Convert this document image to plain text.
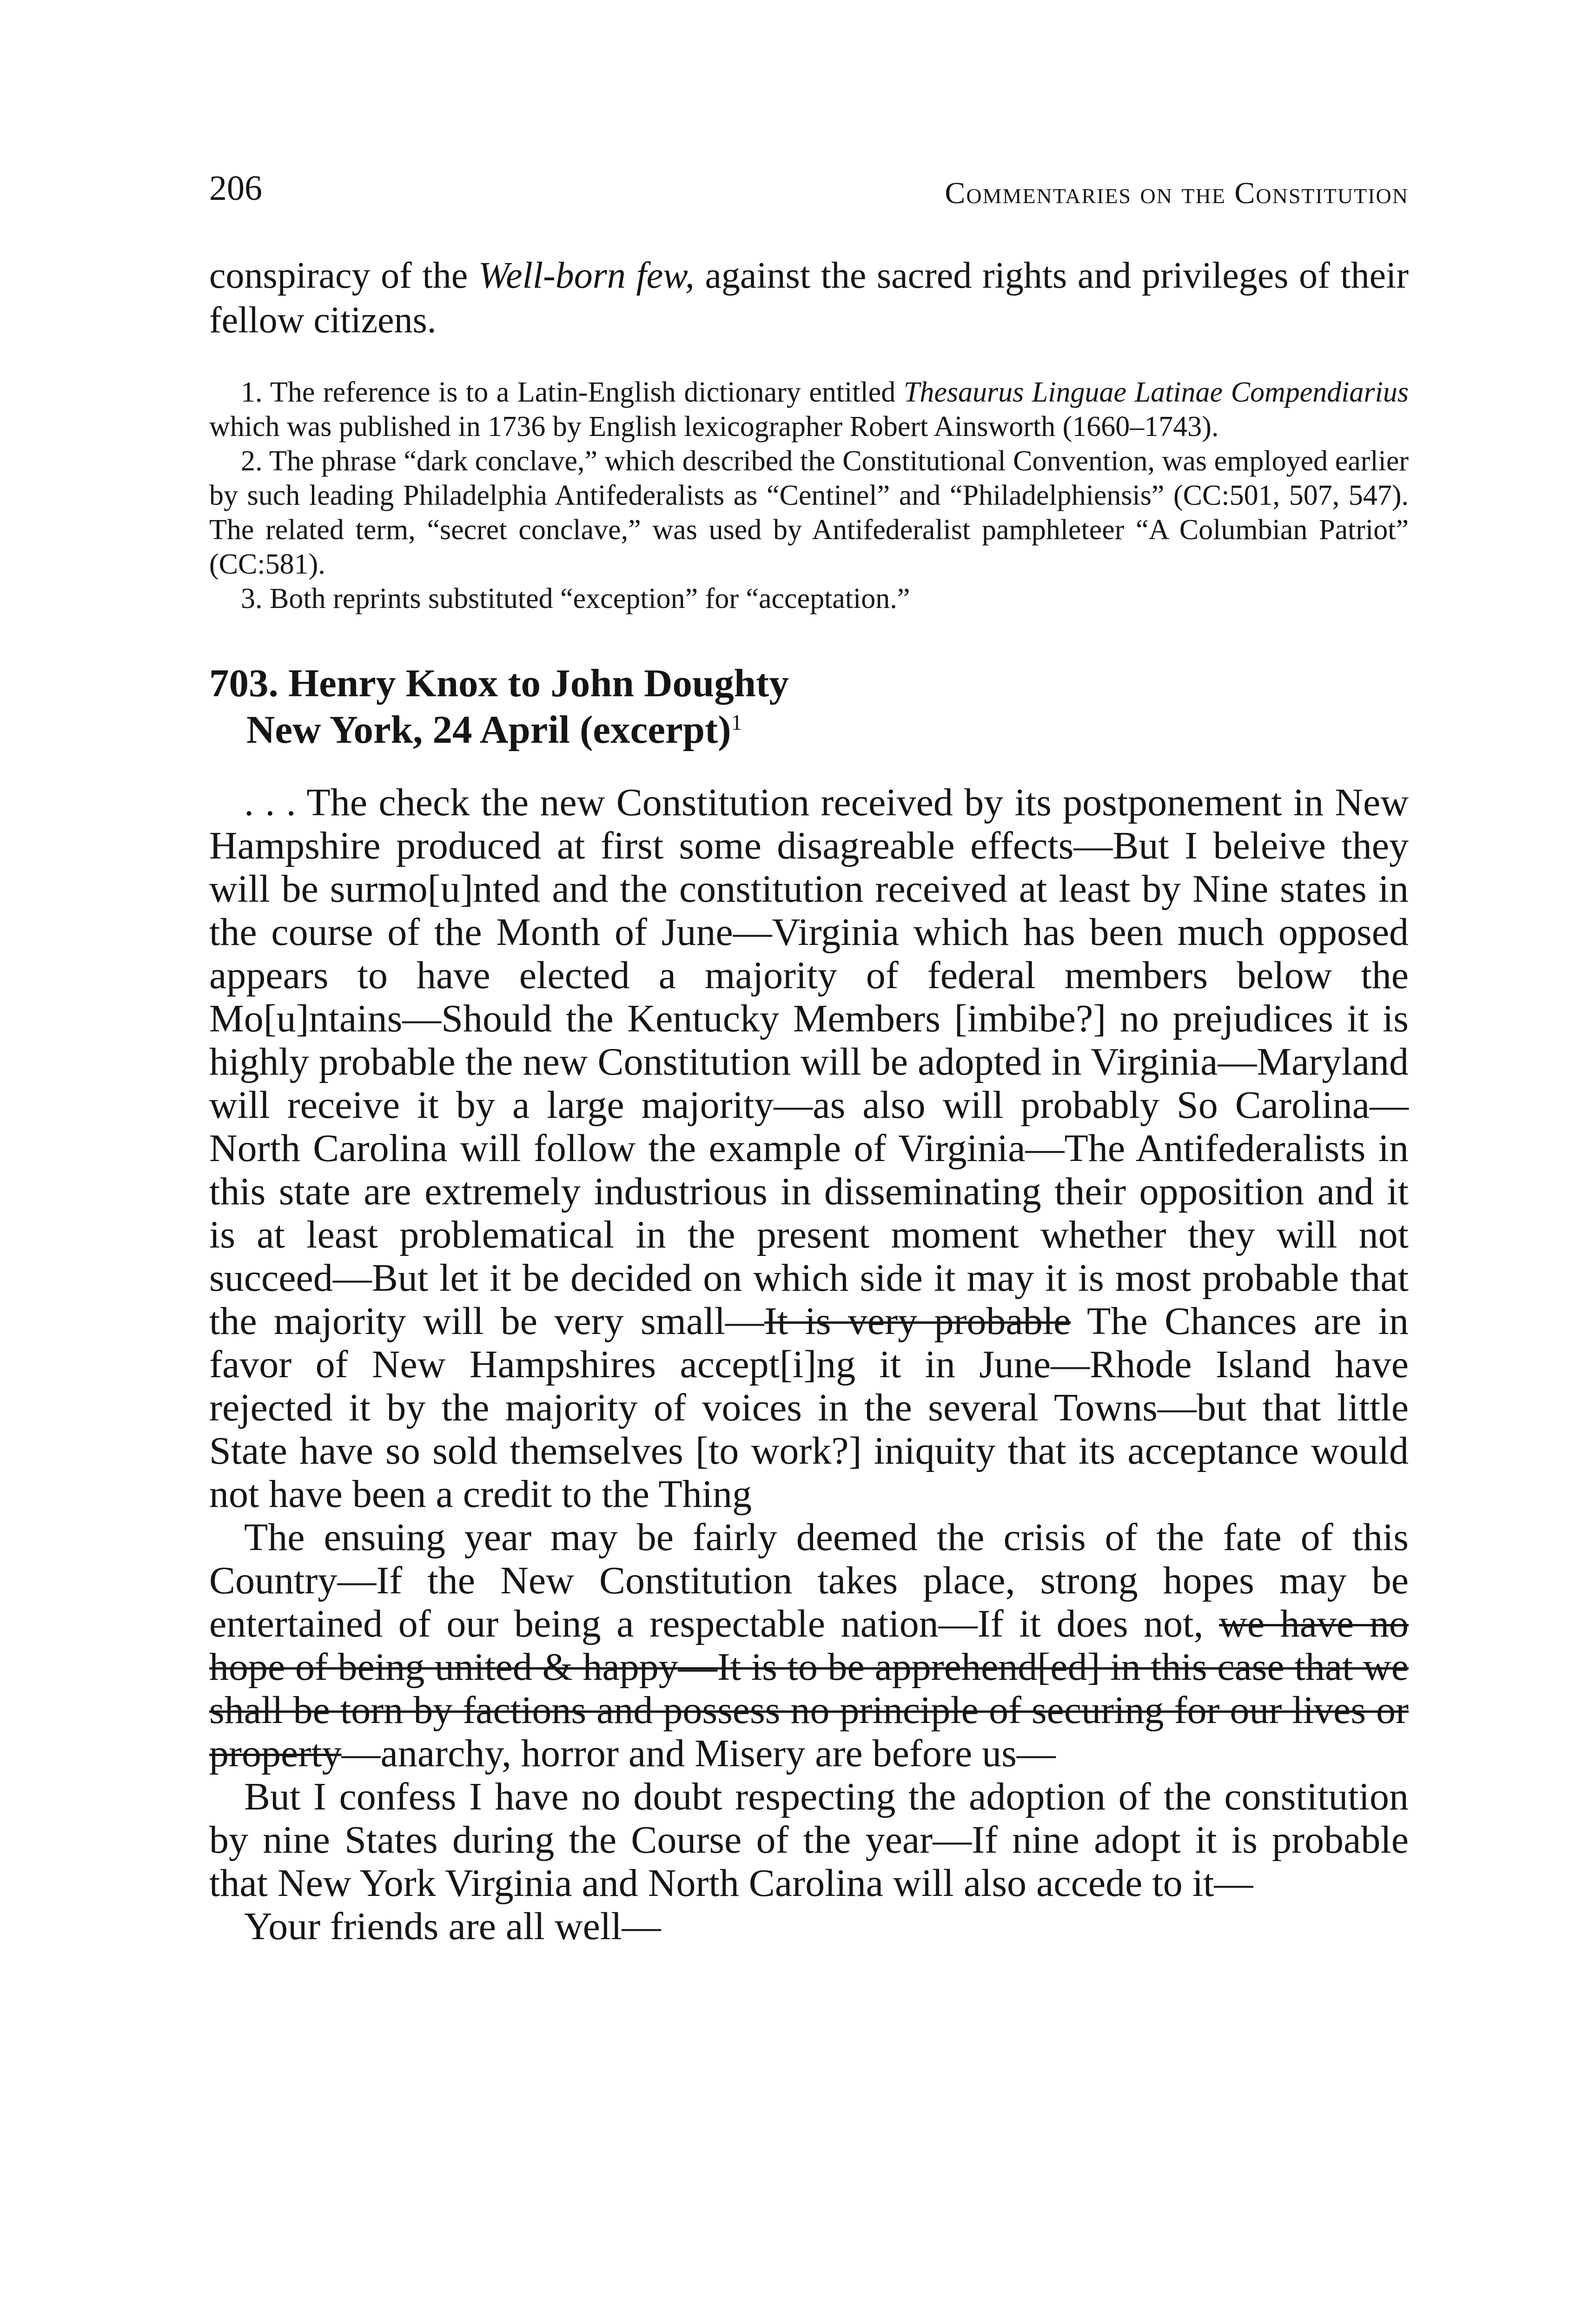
206	Commentaries on the Constitution

conspiracy of the Well-born few, against the sacred rights and privileges of their fellow citizens.

1. The reference is to a Latin-English dictionary entitled Thesaurus Linguae Latinae Compendiarius which was published in 1736 by English lexicographer Robert Ainsworth (1660–1743).

2. The phrase “dark conclave,” which described the Constitutional Convention, was employed earlier by such leading Philadelphia Antifederalists as “Centinel” and “Philadelphiensis” (CC:501, 507, 547). The related term, “secret conclave,” was used by Antifederalist pamphleteer “A Columbian Patriot” (CC:581).

3. Both reprints substituted “exception” for “acceptation.”

703. Henry Knox to John Doughty

New York, 24 April (excerpt)$^1$

. . . The check the new Constitution received by its postponement in New Hampshire produced at first some disagreable effects—But I beleive they will be surmo[u]nted and the constitution received at least by Nine states in the course of the Month of June—Virginia which has been much opposed appears to have elected a majority of federal members below the Mo[u]ntains—Should the Kentucky Members [imbibe?] no prejudices it is highly probable the new Constitution will be adopted in Virginia—Maryland will receive it by a large majority—as also will probably So Carolina—North Carolina will follow the example of Virginia—The Antifederalists in this state are extremely industrious in disseminating their opposition and it is at least problematical in the present moment whether they will not succeed—But let it be decided on which side it may it is most probable that the majority will be very small—It is very probable The Chances are in favor of New Hampshires accept[i]ng it in June—Rhode Island have rejected it by the majority of voices in the several Towns—but that little State have so sold themselves [to work?] iniquity that its acceptance would not have been a credit to the Thing

The ensuing year may be fairly deemed the crisis of the fate of this Country—If the New Constitution takes place, strong hopes may be entertained of our being a respectable nation—If it does not, we have no hope of being united & happy—It is to be apprehend[ed] in this case that we shall be torn by factions and possess no principle of securing for our lives or property—anarchy, horror and Misery are before us—

But I confess I have no doubt respecting the adoption of the constitution by nine States during the Course of the year—If nine adopt it is probable that New York Virginia and North Carolina will also accede to it—

Your friends are all well—
